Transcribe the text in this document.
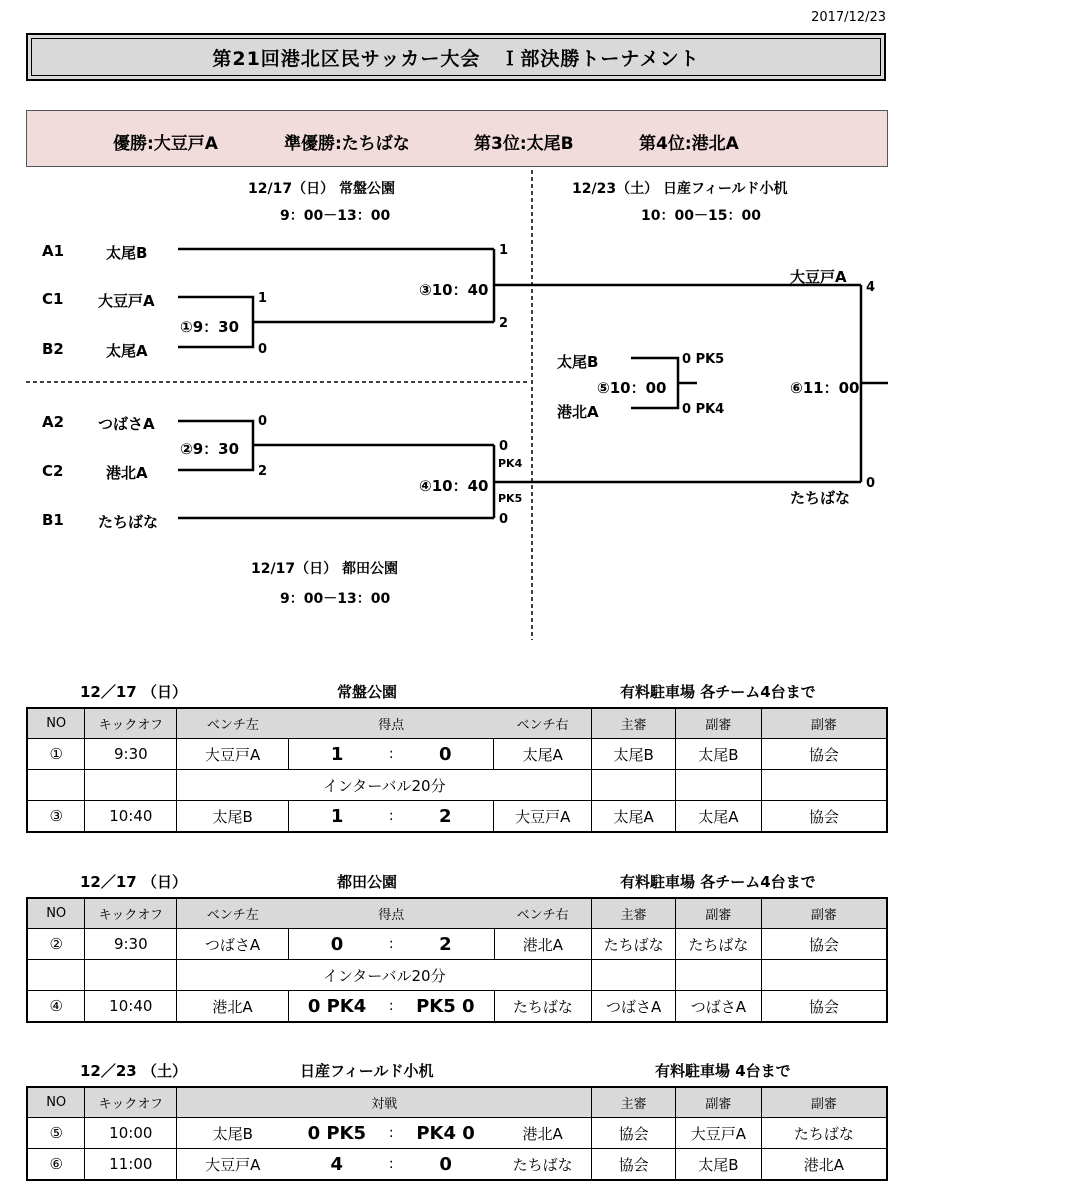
2017/12/23
第21回港北区民サッカー大会　Ｉ部決勝トーナメント
優勝:大豆戸A	準優勝:たちばな	第3位:太尾B	第4位:港北A
12/17（日） 常盤公園
9：00－13：00
12/23（土） 日産フィールド小机
10：00－15：00
12/17（日） 都田公園
9：00－13：00
A1	太尾B
C1 大豆戸A
B2	太尾A
A2 つばさA
C2	港北A
B1 たちばな
①9：30
1
0
②9：30
0
2
③10：40
1
2
④10：40
0
PK4
PK5
0
太尾B
港北A
⑤10：00
0 PK5
0 PK4
大豆戸A
たちばな
⑥11：00
4
0
12／17 （日）	常盤公園	有料駐車場 各チーム4台まで
NO	キックオフ	ベンチ左	得点			ベンチ右	主審	副審	副審
①	9:30	大豆戸A	1	:	0	太尾A	太尾B	太尾B	協会
		インターバル20分							
③	10:40	太尾B	1	:	2	大豆戸A	太尾A	太尾A	協会
12／17 （日）	都田公園	有料駐車場 各チーム4台まで
NO	キックオフ	ベンチ左	得点			ベンチ右	主審	副審	副審
②	9:30	つばさA	0	:	2	港北A	たちばな	たちばな	協会
		インターバル20分							
④	10:40	港北A	0 PK4	:	PK5 0	たちばな	つばさA	つばさA	協会
12／23 （土）	日産フィールド小机	有料駐車場 4台まで
NO	キックオフ	対戦					主審	副審	副審
⑤	10:00	太尾B	0 PK5	:	PK4 0	港北A	協会	大豆戸A	たちばな
⑥	11:00	大豆戸A	4	:	0	たちばな	協会	太尾B	港北A
